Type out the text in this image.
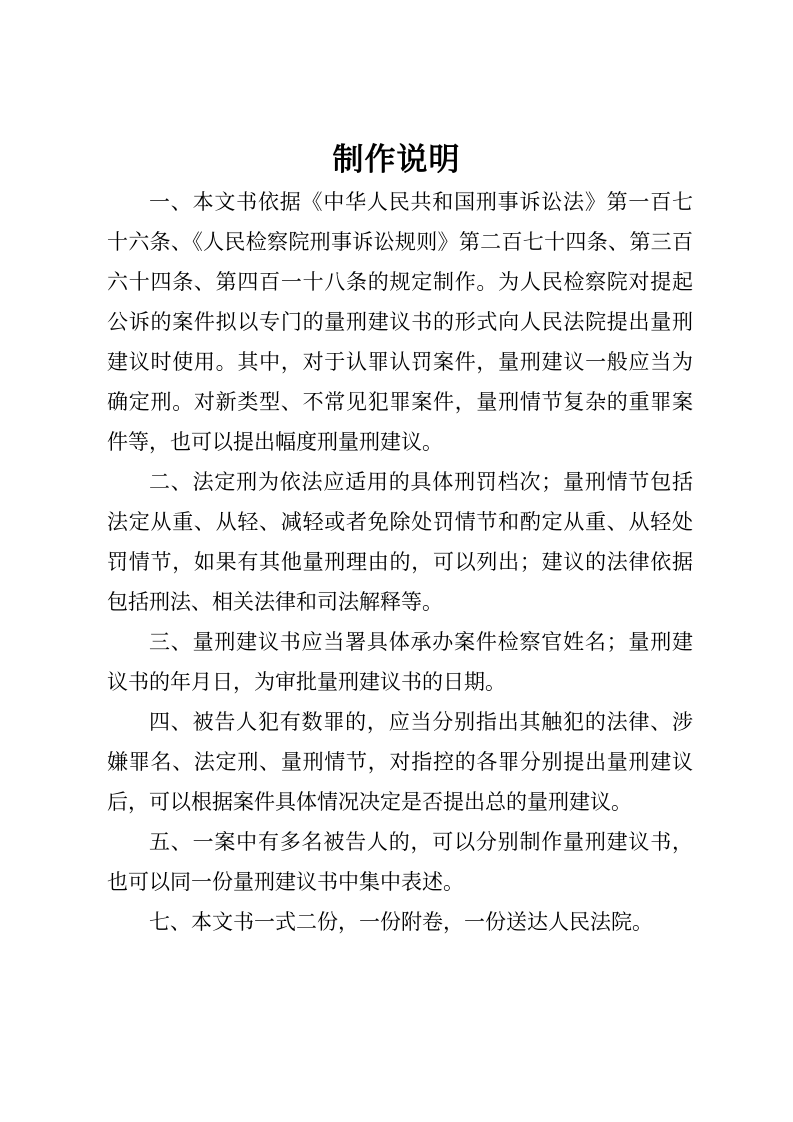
制作说明

一、本文书依据《中华人民共和国刑事诉讼法》第一百七十六条、《人民检察院刑事诉讼规则》第二百七十四条、第三百六十四条、第四百一十八条的规定制作。为人民检察院对提起公诉的案件拟以专门的量刑建议书的形式向人民法院提出量刑建议时使用。其中，对于认罪认罚案件，量刑建议一般应当为确定刑。对新类型、不常见犯罪案件，量刑情节复杂的重罪案件等，也可以提出幅度刑量刑建议。

二、法定刑为依法应适用的具体刑罚档次；量刑情节包括法定从重、从轻、减轻或者免除处罚情节和酌定从重、从轻处罚情节，如果有其他量刑理由的，可以列出；建议的法律依据包括刑法、相关法律和司法解释等。

三、量刑建议书应当署具体承办案件检察官姓名；量刑建议书的年月日，为审批量刑建议书的日期。

四、被告人犯有数罪的，应当分别指出其触犯的法律、涉嫌罪名、法定刑、量刑情节，对指控的各罪分别提出量刑建议后，可以根据案件具体情况决定是否提出总的量刑建议。

五、一案中有多名被告人的，可以分别制作量刑建议书，也可以同一份量刑建议书中集中表述。

七、本文书一式二份，一份附卷，一份送达人民法院。
